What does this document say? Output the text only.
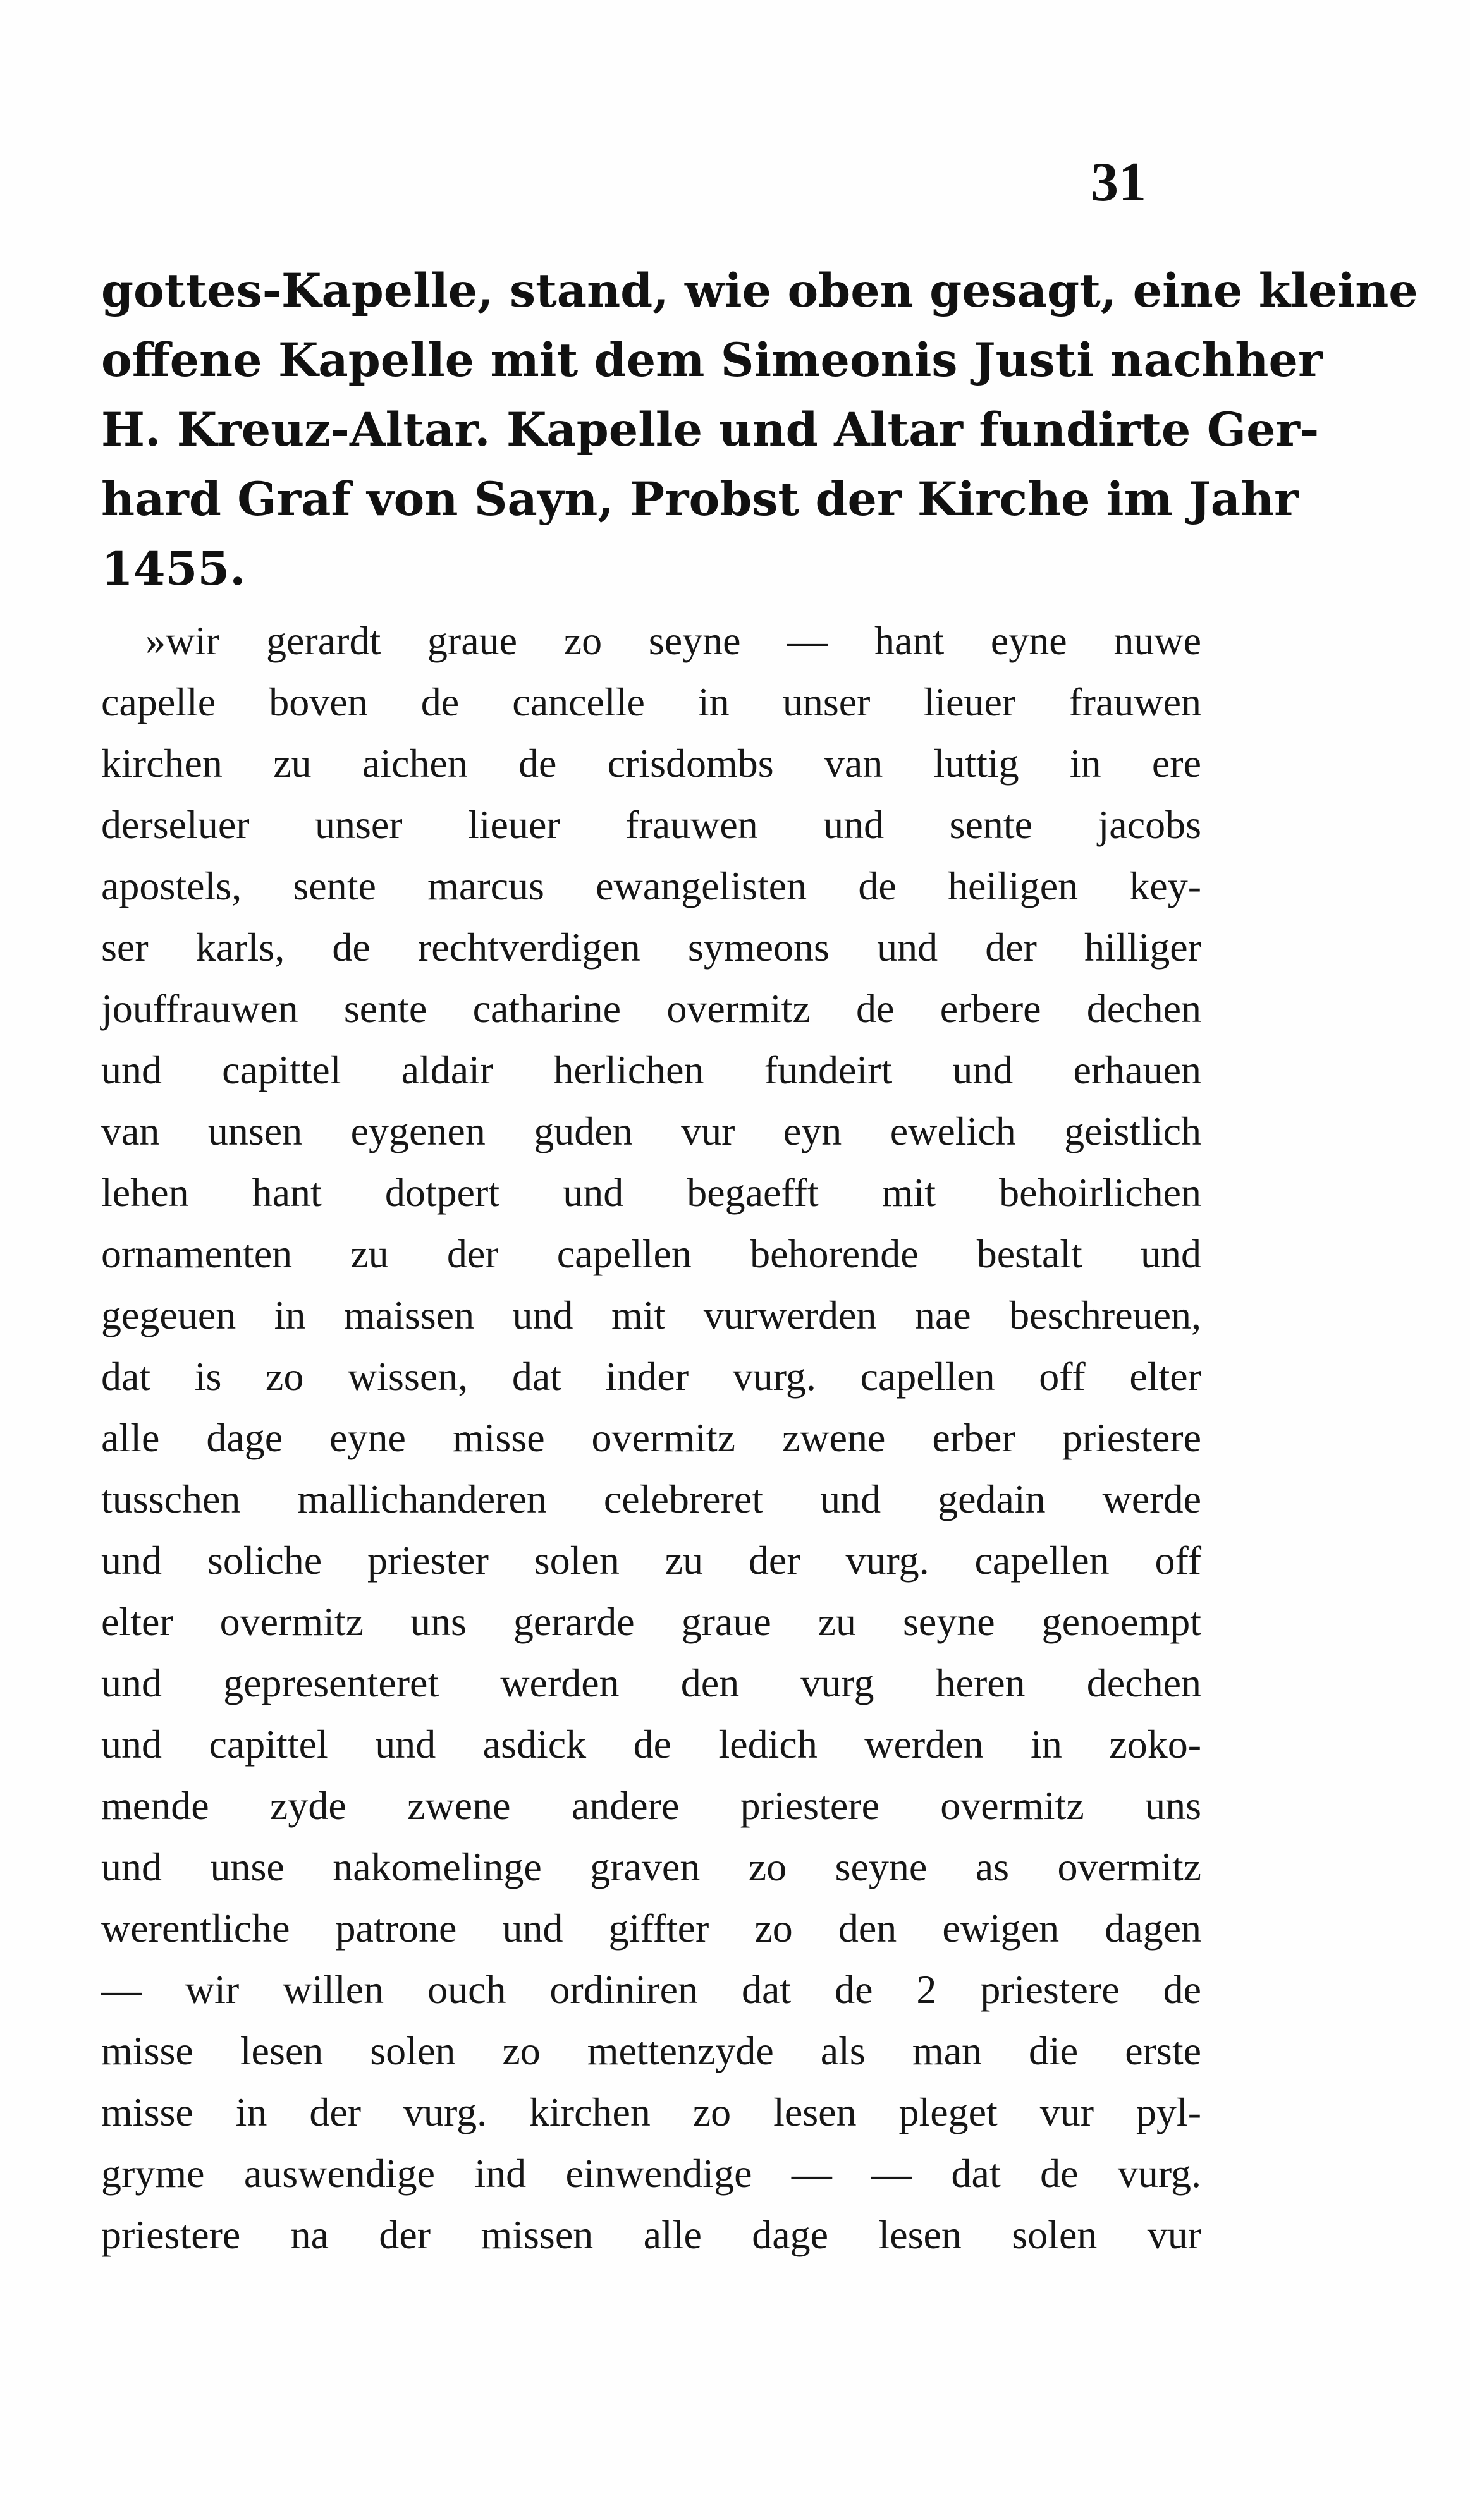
31
gottes-Kapelle, stand, wie oben gesagt, eine kleine
offene Kapelle mit dem Simeonis Justi nachher
H. Kreuz-Altar. Kapelle und Altar fundirte Ger-
hard Graf von Sayn, Probst der Kirche im Jahr
1455.
»wir gerardt graue zo seyne — hant eyne nuwe
capelle boven de cancelle in unser lieuer frauwen
kirchen zu aichen de crisdombs van luttig in ere
derseluer unser lieuer frauwen und sente jacobs
apostels, sente marcus ewangelisten de heiligen key-
ser karls, de rechtverdigen symeons und der hilliger
jouffrauwen sente catharine overmitz de erbere dechen
und capittel aldair herlichen fundeirt und erhauen
van unsen eygenen guden vur eyn ewelich geistlich
lehen hant dotpert und begaefft mit behoirlichen
ornamenten zu der capellen behorende bestalt und
gegeuen in maissen und mit vurwerden nae beschreuen,
dat is zo wissen, dat inder vurg. capellen off elter
alle dage eyne misse overmitz zwene erber priestere
tusschen mallichanderen celebreret und gedain werde
und soliche priester solen zu der vurg. capellen off
elter overmitz uns gerarde graue zu seyne genoempt
und gepresenteret werden den vurg heren dechen
und capittel und asdick de ledich werden in zoko-
mende zyde zwene andere priestere overmitz uns
und unse nakomelinge graven zo seyne as overmitz
werentliche patrone und giffter zo den ewigen dagen
— wir willen ouch ordiniren dat de 2 priestere de
misse lesen solen zo mettenzyde als man die erste
misse in der vurg. kirchen zo lesen pleget vur pyl-
gryme auswendige ind einwendige — — dat de vurg.
priestere na der missen alle dage lesen solen vur
